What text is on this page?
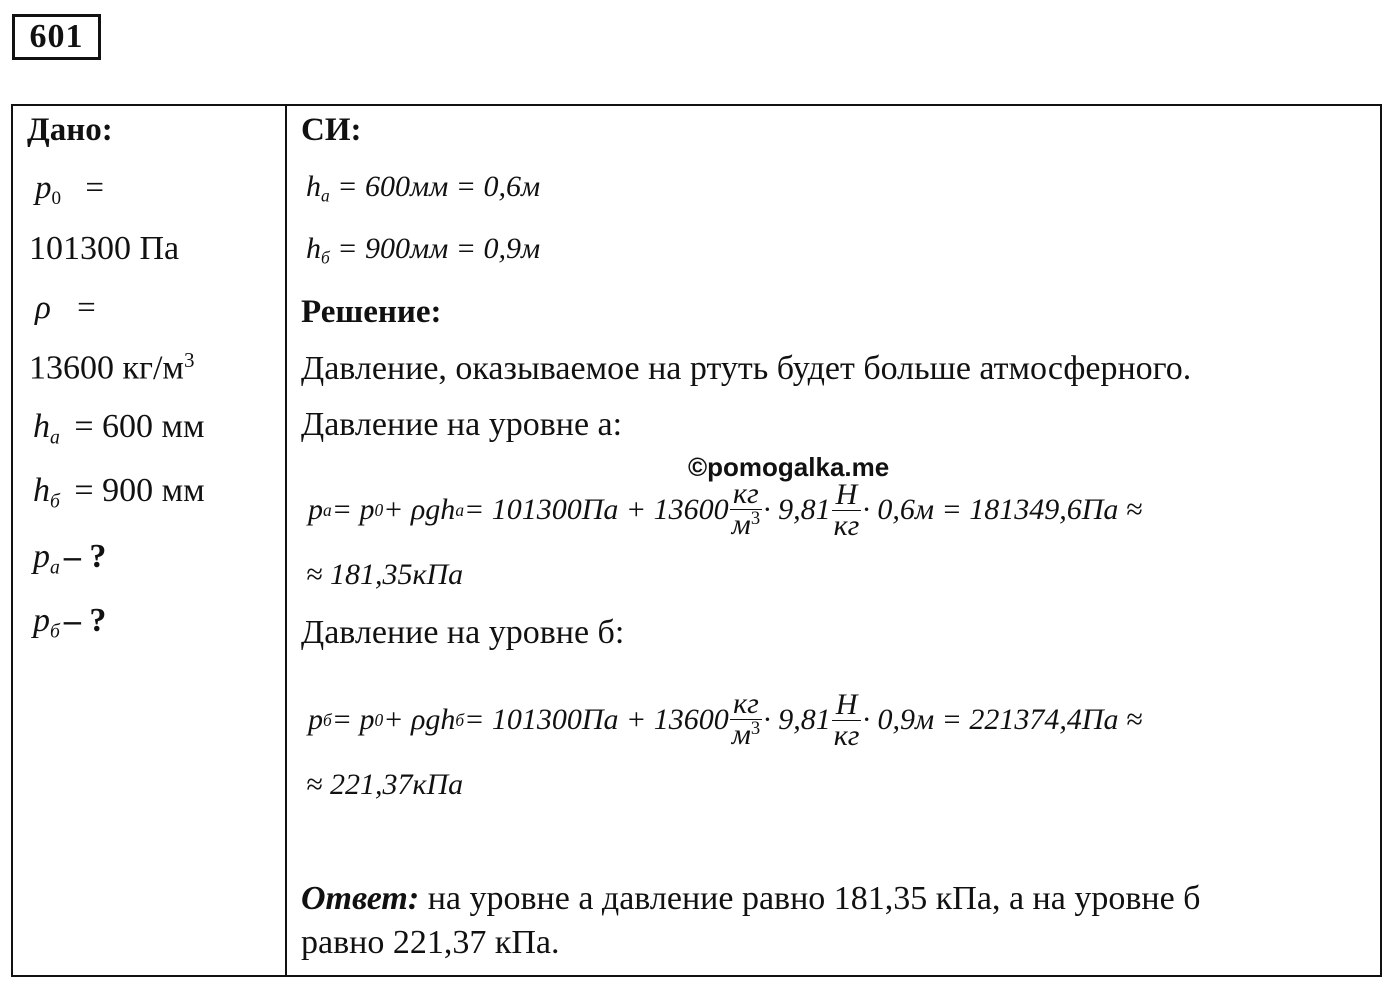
601
Дано:
p0 =
101300 Па
ρ =
13600 $кг/м^3$
$h_a = 600$ мм
$h_б = 900$ мм
$p_a$ – ?
$p_б$ – ?
СИ:
$h_a = 600мм = 0,6м$
$h_б = 900мм = 0,9м$
Решение:
Давление, оказываемое на ртуть будет больше атмосферного.
Давление на уровне а:
©pomogalka.me
p a = p 0 + ρgh $a = 101300Па + 13600 \frac{кг}{м^3} \cdot 9,81 \frac{Н}{кг} \cdot 0,6м = 181349,6Па$ ≈
≈ 181,35кПа
Давление на уровне б:
p б = p 0 + ρgh $б = 101300Па + 13600 \frac{кг}{м^3} \cdot 9,81 \frac{Н}{кг} \cdot 0,9м = 221374,4Па$ ≈
≈ 221,37кПа
Ответ: на уровне а давление равно 181,35 кПа, а на уровне б
равно 221,37 кПа.
